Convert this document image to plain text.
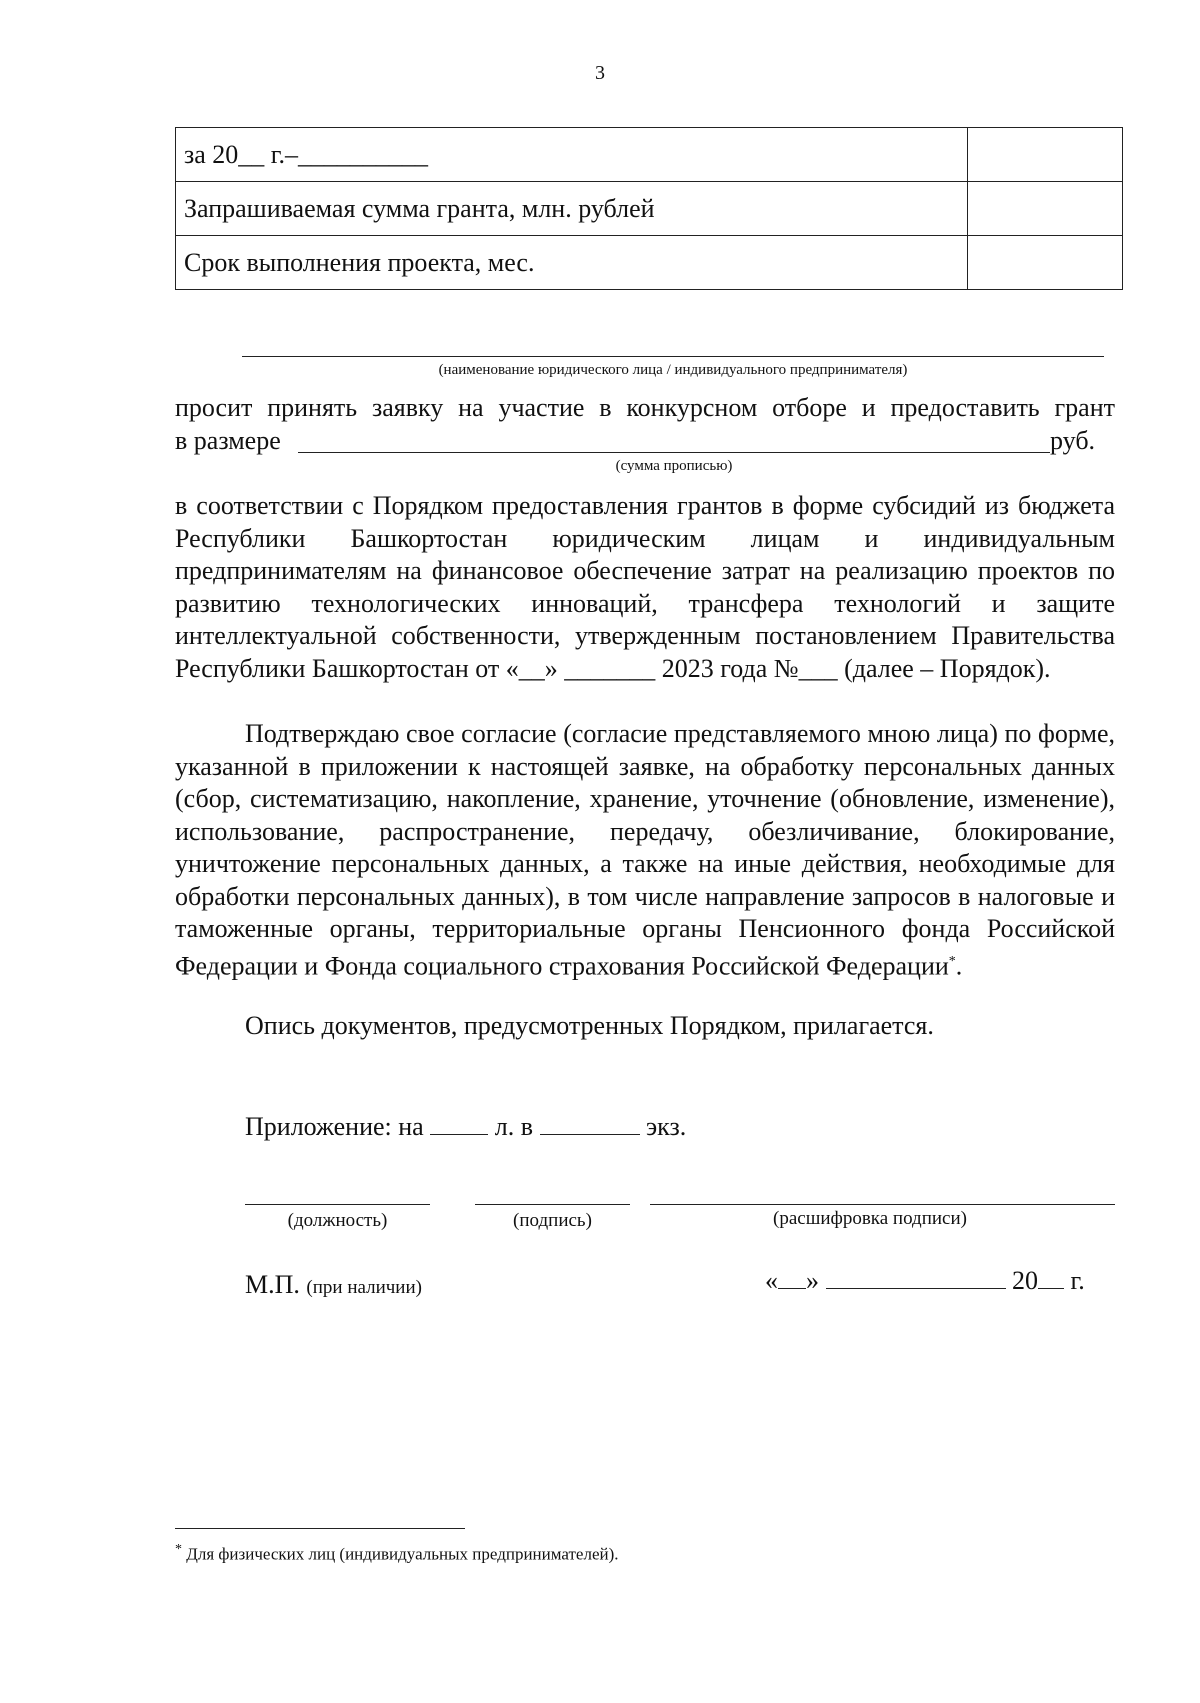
3
за 20__ г.–__________	
Запрашиваемая сумма гранта, млн. рублей	
Срок выполнения проекта, мес.	
(наименование юридического лица / индивидуального предпринимателя)
просит принять заявку на участие в конкурсном отборе и предоставить грант
в размере	руб.
(сумма прописью)
в соответствии с Порядком предоставления грантов в форме субсидий из бюджета Республики Башкортостан юридическим лицам и индивидуальным предпринимателям на финансовое обеспечение затрат на реализацию проектов по развитию технологических инноваций, трансфера технологий и защите интеллектуальной собственности, утвержденным постановлением Правительства Республики Башкортостан от «__» _______ 2023 года №___ (далее – Порядок).
Подтверждаю свое согласие (согласие представляемого мною лица) по форме, указанной в приложении к настоящей заявке, на обработку персональных данных (сбор, систематизацию, накопление, хранение, уточнение (обновление, изменение), использование, распространение, передачу, обезличивание, блокирование, уничтожение персональных данных, а также на иные действия, необходимые для обработки персональных данных), в том числе направление запросов в налоговые и таможенные органы, территориальные органы Пенсионного фонда Российской Федерации и Фонда социального страхования Российской Федерации*.
Опись документов, предусмотренных Порядком, прилагается.
Приложение: на	л. в	экз.
(должность)	(подпись)	(расшифровка подписи)
М.П. (при наличии)	« »	20 г.
* Для физических лиц (индивидуальных предпринимателей).
